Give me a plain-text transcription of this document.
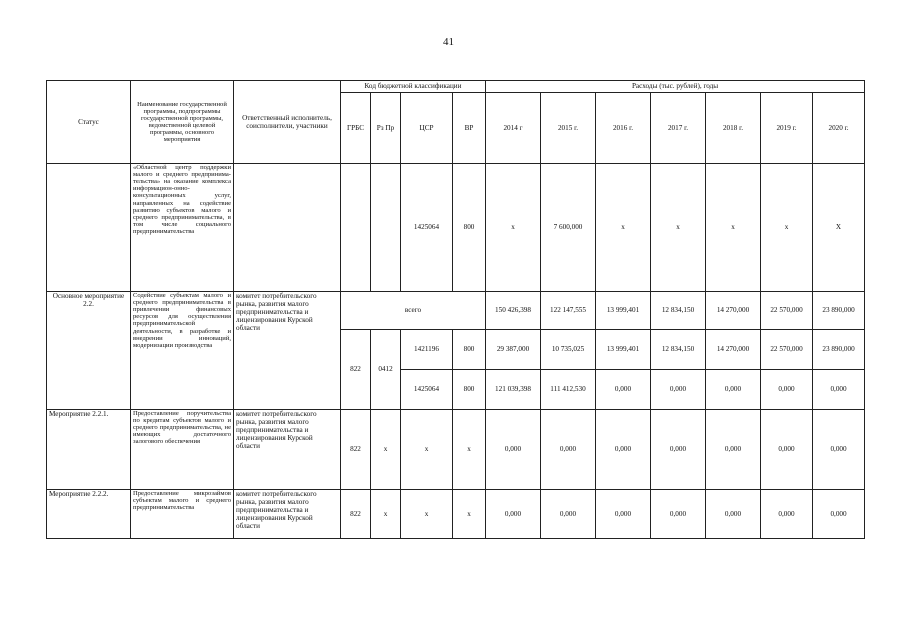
41
Статус	Наименование государственной программы, подпрограммы государственной программы, ведомственной целевой программы, основного мероприятия	Ответственный исполнитель, соисполнители, участники	Код бюджетной классификации				Расходы (тыс. рублей), годы						
			ГРБС	Рз Пр	ЦСР	ВР	2014 г	2015 г.	2016 г.	2017 г.	2018 г.	2019 г.	2020 г.
	«Областной центр поддержки малого и среднего предпринима-тельства» на оказание комплекса информацион-онно-консультационных услуг, направленных на содействие развитию субъектов малого и среднего предпринимательства, в том числе социального предпринимательства				1425064	800	x	7 600,000	x	x	x	x	X
Основное мероприятие 2.2.	Содействие субъектам малого и среднего предпринимательства в привлечении финансовых ресурсов для осуществления предпринимательской деятельности, в разработке и внедрении инноваций, модернизации производства	комитет потребительского рынка, развития малого предпринимательства и лицензирования Курской области	всего				150 426,398	122 147,555	13 999,401	12 834,150	14 270,000	22 570,000	23 890,000
			822	0412	1421196	800	29 387,000	10 735,025	13 999,401	12 834,150	14 270,000	22 570,000	23 890,000
					1425064	800	121 039,398	111 412,530	0,000	0,000	0,000	0,000	0,000
Мероприятие 2.2.1.	Предоставление поручительства по кредитам субъектов малого и среднего предпринимательства, не имеющих достаточного залогового обеспечения	комитет потребительского рынка, развития малого предпринимательства и лицензирования Курской области	822	x	x	x	0,000	0,000	0,000	0,000	0,000	0,000	0,000
Мероприятие 2.2.2.	Предоставление микрозаймов субъектам малого и среднего предпринимательства	комитет потребительского рынка, развития малого предпринимательства и лицензирования Курской области	822	x	x	x	0,000	0,000	0,000	0,000	0,000	0,000	0,000
